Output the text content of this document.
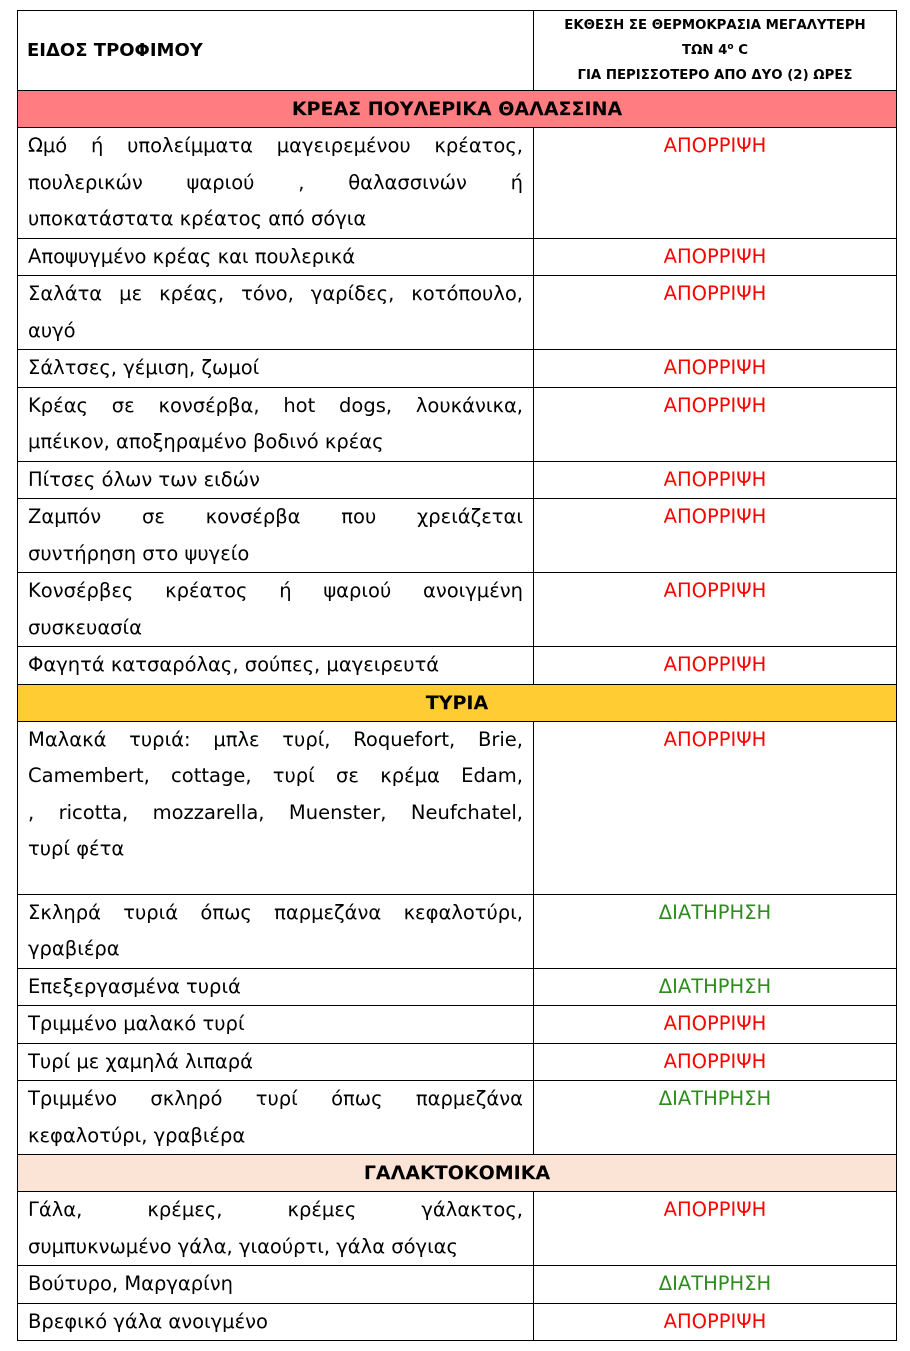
ΕΙΔΟΣ ΤΡΟΦΙΜΟΥ	ΕΚΘΕΣΗ ΣΕ ΘΕΡΜΟΚΡΑΣΙΑ ΜΕΓΑΛΥΤΕΡΗ
ΤΩΝ $4^o$ C
ΓΙΑ ΠΕΡΙΣΣΟΤΕΡΟ ΑΠΟ ΔΥΟ (2) ΩΡΕΣ

ΚΡΕΑΣ ΠΟΥΛΕΡΙΚΑ ΘΑΛΑΣΣΙΝΑ	

Ωμό ή υπολείμματα μαγειρεμένου κρέατος,
πουλερικών ψαριού , θαλασσινών ή
υποκατάστατα κρέατος από σόγια	ΑΠΟΡΡΙΨΗ

Αποψυγμένο κρέας και πουλερικά	ΑΠΟΡΡΙΨΗ

Σαλάτα με κρέας, τόνο, γαρίδες, κοτόπουλο,
αυγό	ΑΠΟΡΡΙΨΗ

Σάλτσες, γέμιση, ζωμοί	ΑΠΟΡΡΙΨΗ

Κρέας σε κονσέρβα, hot dogs, λουκάνικα,
μπέικον, αποξηραμένο βοδινό κρέας	ΑΠΟΡΡΙΨΗ

Πίτσες όλων των ειδών	ΑΠΟΡΡΙΨΗ

Ζαμπόν σε κονσέρβα που χρειάζεται
συντήρηση στο ψυγείο	ΑΠΟΡΡΙΨΗ

Κονσέρβες κρέατος ή ψαριού ανοιγμένη
συσκευασία	ΑΠΟΡΡΙΨΗ

Φαγητά κατσαρόλας, σούπες, μαγειρευτά	ΑΠΟΡΡΙΨΗ
ΤΥΡΙΑ	

Μαλακά τυριά: μπλε τυρί, Roquefort, Brie,
Camembert, cottage, τυρί σε κρέμα Edam,
, ricotta, mozzarella, Muenster, Neufchatel,
τυρί φέτα	ΑΠΟΡΡΙΨΗ

Σκληρά τυριά όπως παρμεζάνα κεφαλοτύρι,
γραβιέρα	ΔΙΑΤΗΡΗΣΗ

Επεξεργασμένα τυριά	ΔΙΑΤΗΡΗΣΗ

Τριμμένο μαλακό τυρί	ΑΠΟΡΡΙΨΗ

Τυρί με χαμηλά λιπαρά	ΑΠΟΡΡΙΨΗ

Τριμμένο σκληρό τυρί όπως παρμεζάνα
κεφαλοτύρι, γραβιέρα	ΔΙΑΤΗΡΗΣΗ
ΓΑΛΑΚΤΟΚΟΜΙΚΑ	

Γάλα, κρέμες, κρέμες γάλακτος,
συμπυκνωμένο γάλα, γιαούρτι, γάλα σόγιας	ΑΠΟΡΡΙΨΗ

Βούτυρο, Μαργαρίνη	ΔΙΑΤΗΡΗΣΗ

Βρεφικό γάλα ανοιγμένο	ΑΠΟΡΡΙΨΗ
